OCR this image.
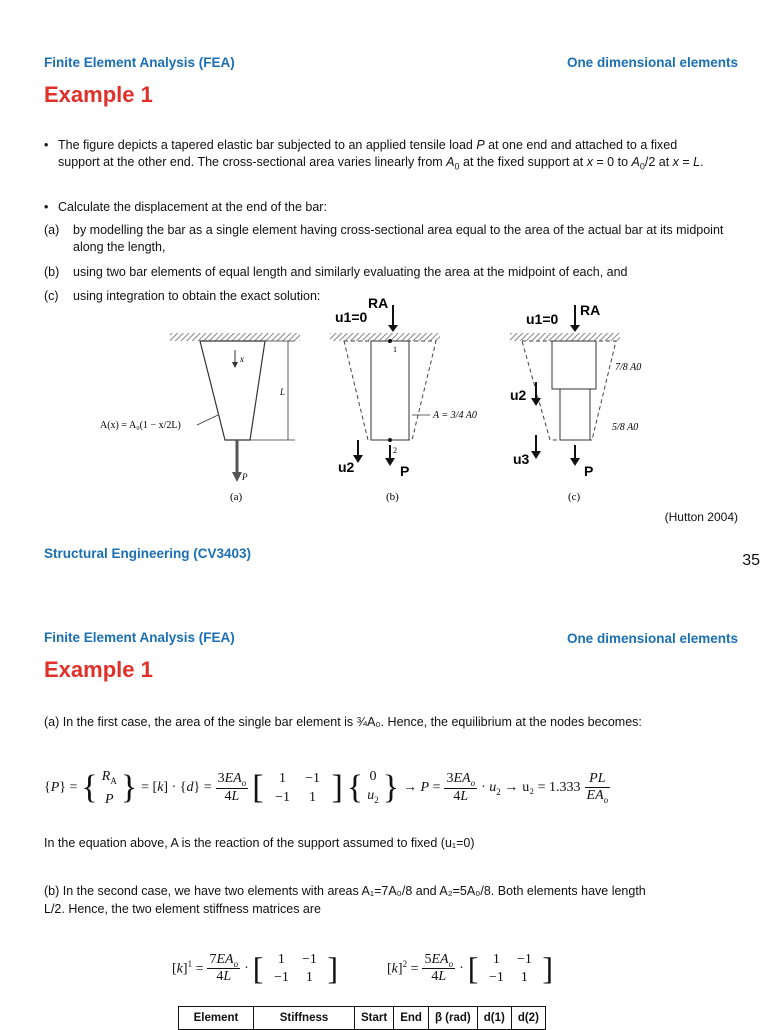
Finite Element Analysis (FEA)	One dimensional elements
Example 1
• The figure depicts a tapered elastic bar subjected to an applied tensile load P at one end and attached to a fixed support at the other end. The cross-sectional area varies linearly from $A_0$ at the fixed support at x = 0 to $A_0/2$ at x = L.
• Calculate the displacement at the end of the bar:
(a) by modelling the bar as a single element having cross-sectional area equal to the area of the actual bar at its midpoint along the length,
(b) using two bar elements of equal length and similarly evaluating the area at the midpoint of each, and
(c) using integration to obtain the exact solution:
x
L
P
A(x) = A₀(1 − x/2L)
(a)
1
2
A = 3/4 A0
u1=0
RA
u2	P
(b)
7/8 A0
5/8 A0
u1=0
RA
u2
u3
P
(c)
(Hutton 2004)
Structural Engineering (CV3403)	35
Finite Element Analysis (FEA)	One dimensional elements
Example 1
(a) In the first case, the area of the single bar element is ¾A₀. Hence, the equilibrium at the nodes becomes:
{P} = { $R_A$
P } = $[k] \cdot \{d\} = \frac{3EA_o}{4L}$ [	1	−1
−1	1 ] { 0
$u_2$ } → $P = \frac{3EA_o}{4L} \cdot u_2 \to u_2 = 1.333 \frac{PL}{EA_o}$
In the equation above, A is the reaction of the support assumed to fixed (u₁=0)
(b) In the second case, we have two elements with areas A₁=7A₀/8 and A₂=5A₀/8. Both elements have length
L/2. Hence, the two element stiffness matrices are
$[k]^1 = \frac{7EA_o}{4L}$ · [	1	−1
−1	1 ]	$[k]^2 = \frac{5EA_o}{4L}$ · [	1	−1
−1	1 ]
Element	Stiffness	Start	End	β (rad)	d(1)	d(2)
